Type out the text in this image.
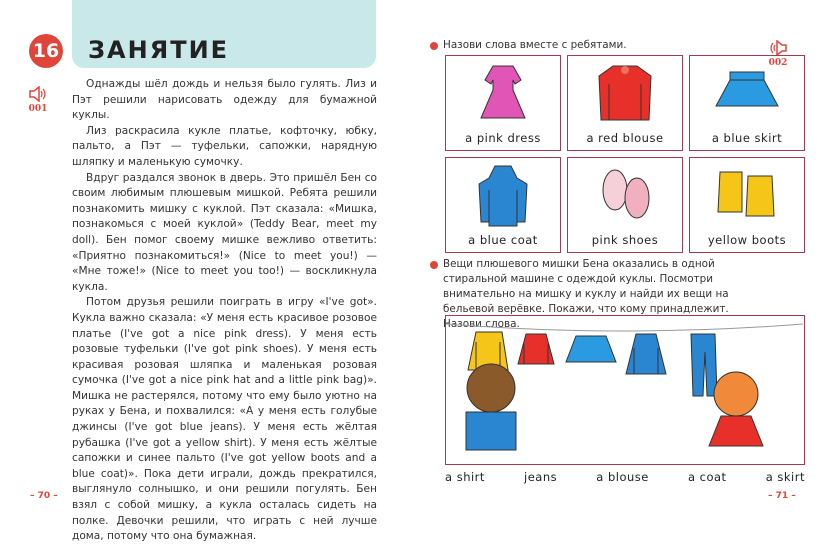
16 ЗАНЯТИЕ
001

Однажды шёл дождь и нельзя было гулять. Лиз и Пэт решили нарисовать одежду для бумажной куклы.

Лиз раскрасила кукле платье, кофточку, юбку, пальто, а Пэт — туфельки, сапожки, нарядную шляпку и маленькую сумочку.

Вдруг раздался звонок в дверь. Это пришёл Бен со своим любимым плюшевым мишкой. Ребята решили познакомить мишку с куклой. Пэт сказала: «Мишка, познакомься с моей куклой» (Teddy Bear, meet my doll). Бен помог своему мишке вежливо ответить: «Приятно познакомиться!» (Nice to meet you!) — «Мне тоже!» (Nice to meet you too!) — воскликнула кукла.

Потом друзья решили поиграть в игру «I've got». Кукла важно сказала: «У меня есть красивое розовое платье (I've got a nice pink dress). У меня есть розовые туфельки (I've got pink shoes). У меня есть красивая розовая шляпка и маленькая розовая сумочка (I've got a nice pink hat and a little pink bag)». Мишка не растерялся, потому что ему было уютно на руках у Бена, и похвалился: «А у меня есть голубые джинсы (I've got blue jeans). У меня есть жёлтая рубашка (I've got a yellow shirt). У меня есть жёлтые сапожки и синее пальто (I've got yellow boots and a blue coat)». Пока дети играли, дождь прекратился, выглянуло солнышко, и они решили погулять. Бен взял с собой мишку, а кукла осталась сидеть на полке. Девочки решили, что играть с ней лучше дома, потому что она бумажная.

– 70 –
Назови слова вместе с ребятами.
002
a pink dress	a red blouse	a blue skirt
a blue coat	pink shoes	yellow boots
Вещи плюшевого мишки Бена оказались в одной стиральной машине с одеждой куклы. Посмотри внимательно на мишку и куклу и найди их вещи на бельевой верёвке. Покажи, что кому принадлежит. Назови слова.
a shirt	jeans	a blouse	a coat	a skirt
– 71 –
